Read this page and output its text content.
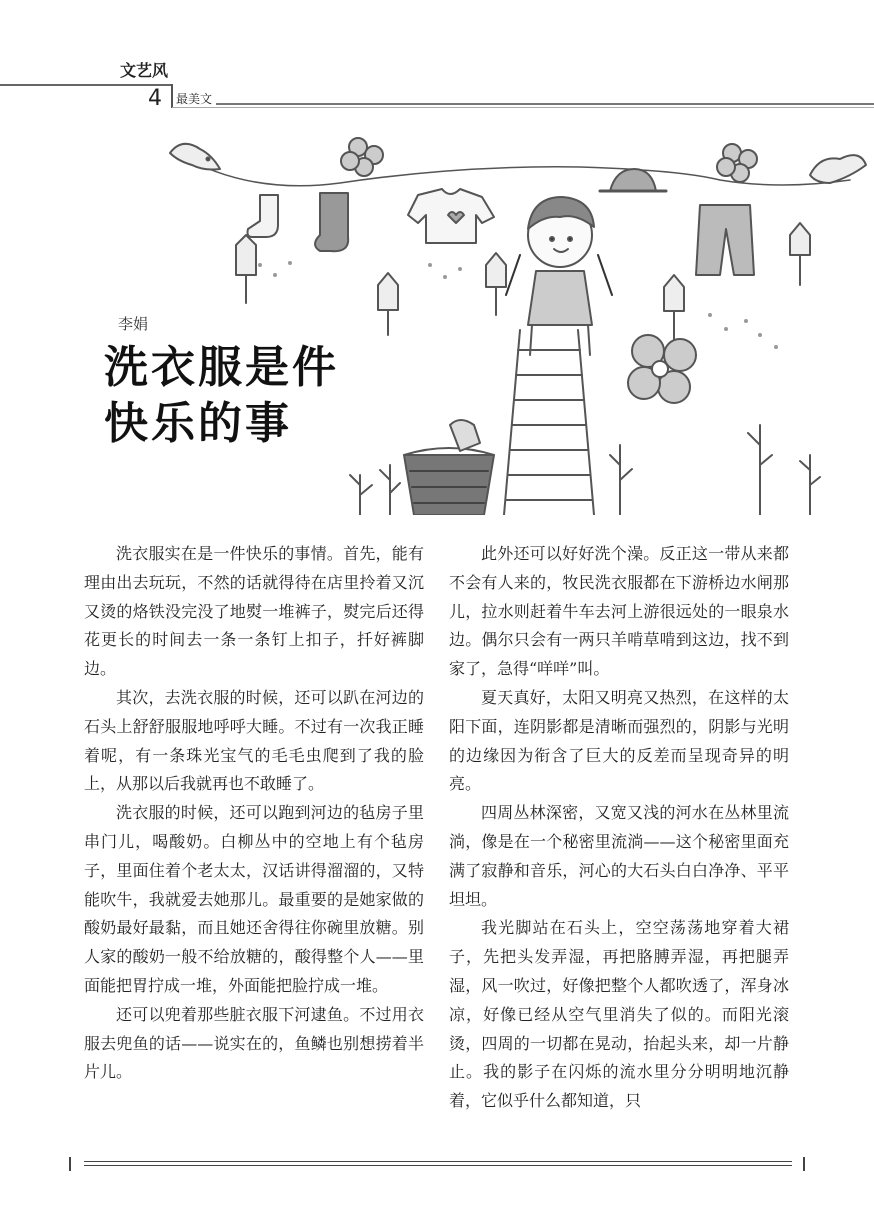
文艺风
4 最美文
李娟
洗衣服是件
快乐的事

洗衣服实在是一件快乐的事情。首先，能有理由出去玩玩，不然的话就得待在店里拎着又沉又烫的烙铁没完没了地熨一堆裤子，熨完后还得花更长的时间去一条一条钉上扣子，扦好裤脚边。

其次，去洗衣服的时候，还可以趴在河边的石头上舒舒服服地呼呼大睡。不过有一次我正睡着呢，有一条珠光宝气的毛毛虫爬到了我的脸上，从那以后我就再也不敢睡了。

洗衣服的时候，还可以跑到河边的毡房子里串门儿，喝酸奶。白柳丛中的空地上有个毡房子，里面住着个老太太，汉话讲得溜溜的，又特能吹牛，我就爱去她那儿。最重要的是她家做的酸奶最好最黏，而且她还舍得往你碗里放糖。别人家的酸奶一般不给放糖的，酸得整个人——里面能把胃拧成一堆，外面能把脸拧成一堆。

还可以兜着那些脏衣服下河逮鱼。不过用衣服去兜鱼的话——说实在的，鱼鳞也别想捞着半片儿。

此外还可以好好洗个澡。反正这一带从来都不会有人来的，牧民洗衣服都在下游桥边水闸那儿，拉水则赶着牛车去河上游很远处的一眼泉水边。偶尔只会有一两只羊啃草啃到这边，找不到家了，急得“咩咩”叫。

夏天真好，太阳又明亮又热烈，在这样的太阳下面，连阴影都是清晰而强烈的，阴影与光明的边缘因为衔含了巨大的反差而呈现奇异的明亮。

四周丛林深密，又宽又浅的河水在丛林里流淌，像是在一个秘密里流淌——这个秘密里面充满了寂静和音乐，河心的大石头白白净净、平平坦坦。

我光脚站在石头上，空空荡荡地穿着大裙子，先把头发弄湿，再把胳膊弄湿，再把腿弄湿，风一吹过，好像把整个人都吹透了，浑身冰凉，好像已经从空气里消失了似的。而阳光滚烫，四周的一切都在晃动，抬起头来，却一片静止。我的影子在闪烁的流水里分分明明地沉静着，它似乎什么都知道，只
